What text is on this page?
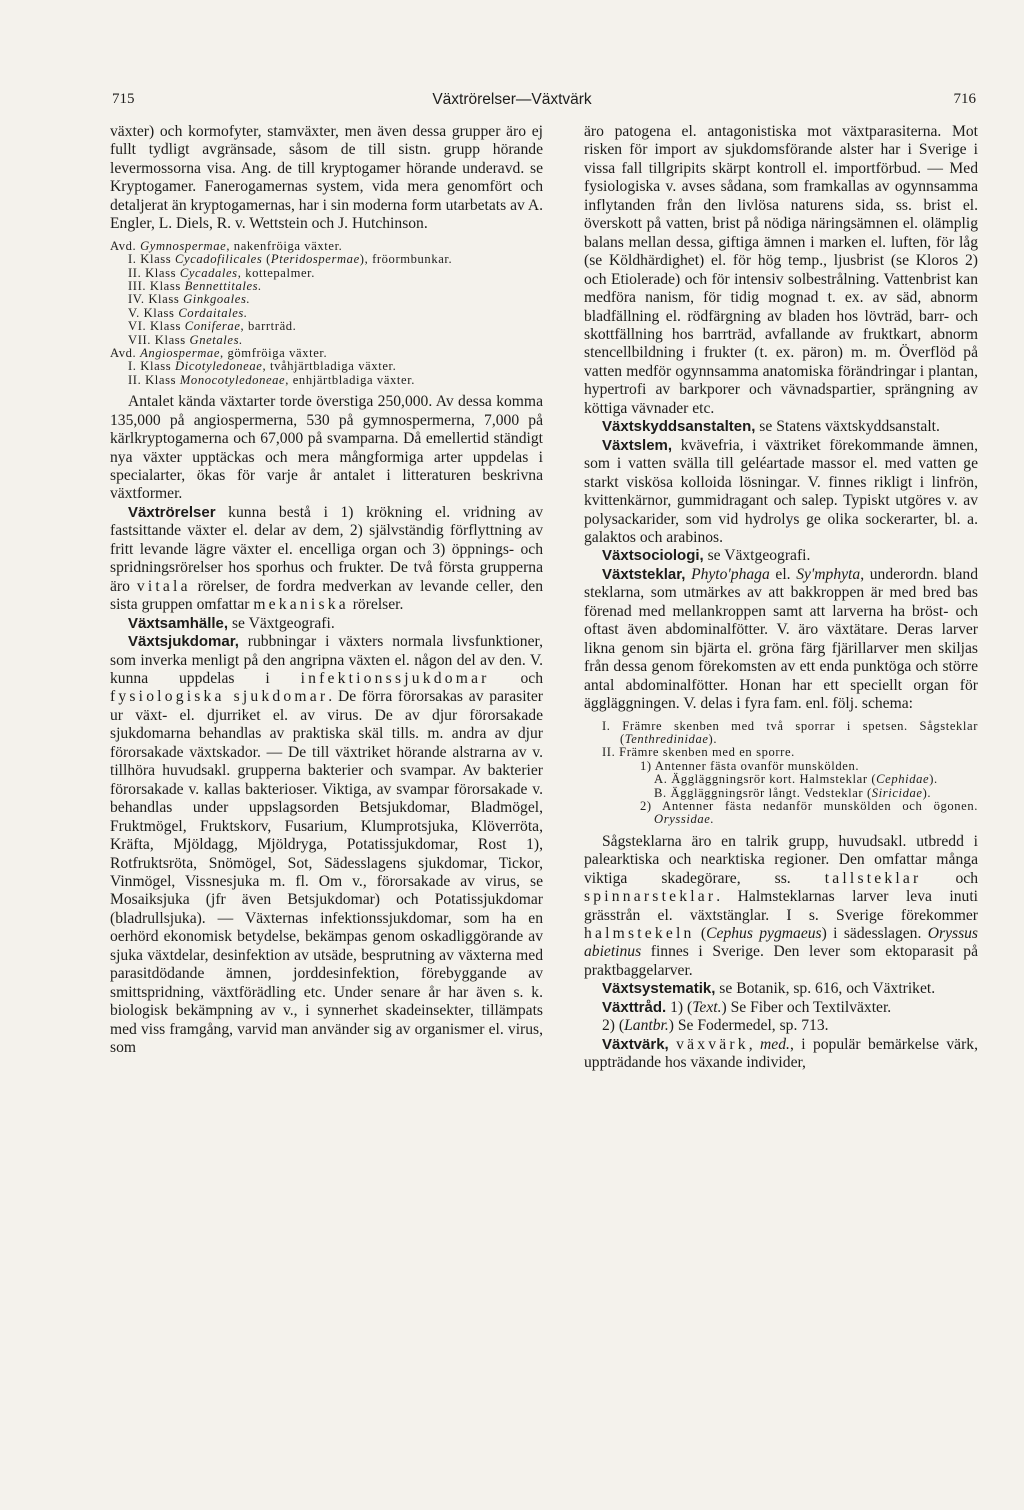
715	Växtrörelser—Växtvärk	716

växter) och kormofyter, stamväxter, men även dessa grupper äro ej fullt tydligt avgränsade, såsom de till sistn. grupp hörande levermossorna visa. Ang. de till kryptogamer hörande underavd. se Kryptogamer. Fanerogamernas system, vida mera genomfört och detaljerat än kryptogamernas, har i sin moderna form utarbetats av A. Engler, L. Diels, R. v. Wettstein och J. Hutchinson.

Avd. Gymnospermae, nakenfröiga växter.
I. Klass Cycadofilicales (Pteridospermae), fröormbunkar.
II. Klass Cycadales, kottepalmer.
III. Klass Bennettitales.
IV. Klass Ginkgoales.
V. Klass Cordaitales.
VI. Klass Coniferae, barrträd.
VII. Klass Gnetales.
Avd. Angiospermae, gömfröiga växter.
I. Klass Dicotyledoneae, tvåhjärtbladiga växter.
II. Klass Monocotyledoneae, enhjärtbladiga växter.

Antalet kända växtarter torde överstiga 250,000. Av dessa komma 135,000 på angiospermerna, 530 på gymnospermerna, 7,000 på kärlkryptogamerna och 67,000 på svamparna. Då emellertid ständigt nya växter upptäckas och mera mångformiga arter uppdelas i specialarter, ökas för varje år antalet i litteraturen beskrivna växtformer.

Växtrörelser kunna bestå i 1) krökning el. vridning av fastsittande växter el. delar av dem, 2) självständig förflyttning av fritt levande lägre växter el. encelliga organ och 3) öppnings- och spridningsrörelser hos sporhus och frukter. De två första grupperna äro vitala rörelser, de fordra medverkan av levande celler, den sista gruppen omfattar mekaniska rörelser.

Växtsamhälle, se Växtgeografi.

Växtsjukdomar, rubbningar i växters normala livsfunktioner, som inverka menligt på den angripna växten el. någon del av den. V. kunna uppdelas i infektionssjukdomar och fysiologiska sjukdomar. De förra förorsakas av parasiter ur växt- el. djurriket el. av virus. De av djur förorsakade sjukdomarna behandlas av praktiska skäl tills. m. andra av djur förorsakade växtskador. — De till växtriket hörande alstrarna av v. tillhöra huvudsakl. grupperna bakterier och svampar. Av bakterier förorsakade v. kallas bakterioser. Viktiga, av svampar förorsakade v. behandlas under uppslagsorden Betsjukdomar, Bladmögel, Fruktmögel, Fruktskorv, Fusarium, Klumprotsjuka, Klöverröta, Kräfta, Mjöldagg, Mjöldryga, Potatissjukdomar, Rost 1), Rotfruktsröta, Snömögel, Sot, Sädesslagens sjukdomar, Tickor, Vinmögel, Vissnesjuka m. fl. Om v., förorsakade av virus, se Mosaiksjuka (jfr även Betsjukdomar) och Potatissjukdomar (bladrullsjuka). — Växternas infektionssjukdomar, som ha en oerhörd ekonomisk betydelse, bekämpas genom oskadliggörande av sjuka växtdelar, desinfektion av utsäde, besprutning av växterna med parasitdödande ämnen, jorddesinfektion, förebyggande av smittspridning, växtförädling etc. Under senare år har även s. k. biologisk bekämpning av v., i synnerhet skadeinsekter, tillämpats med viss framgång, varvid man använder sig av organismer el. virus, som

äro patogena el. antagonistiska mot växtparasiterna. Mot risken för import av sjukdomsförande alster har i Sverige i vissa fall tillgripits skärpt kontroll el. importförbud. — Med fysiologiska v. avses sådana, som framkallas av ogynnsamma inflytanden från den livlösa naturens sida, ss. brist el. överskott på vatten, brist på nödiga näringsämnen el. olämplig balans mellan dessa, giftiga ämnen i marken el. luften, för låg (se Köldhärdighet) el. för hög temp., ljusbrist (se Kloros 2) och Etiolerade) och för intensiv solbestrålning. Vattenbrist kan medföra nanism, för tidig mognad t. ex. av säd, abnorm bladfällning el. rödfärgning av bladen hos lövträd, barr- och skottfällning hos barrträd, avfallande av fruktkart, abnorm stencellbildning i frukter (t. ex. päron) m. m. Överflöd på vatten medför ogynnsamma anatomiska förändringar i plantan, hypertrofi av barkporer och vävnadspartier, sprängning av köttiga vävnader etc.

Växtskyddsanstalten, se Statens växtskyddsanstalt.

Växtslem, kvävefria, i växtriket förekommande ämnen, som i vatten svälla till geléartade massor el. med vatten ge starkt viskösa kolloida lösningar. V. finnes rikligt i linfrön, kvittenkärnor, gummidragant och salep. Typiskt utgöres v. av polysackarider, som vid hydrolys ge olika sockerarter, bl. a. galaktos och arabinos.

Växtsociologi, se Växtgeografi.

Växtsteklar, Phyto'phaga el. Sy'mphyta, underordn. bland steklarna, som utmärkes av att bakkroppen är med bred bas förenad med mellankroppen samt att larverna ha bröst- och oftast även abdominalfötter. V. äro växtätare. Deras larver likna genom sin bjärta el. gröna färg fjärillarver men skiljas från dessa genom förekomsten av ett enda punktöga och större antal abdominalfötter. Honan har ett speciellt organ för äggläggningen. V. delas i fyra fam. enl. följ. schema:

I. Främre skenben med två sporrar i spetsen. Sågsteklar (Tenthredinidae).
II. Främre skenben med en sporre.
1) Antenner fästa ovanför munskölden.
A. Äggläggningsrör kort. Halmsteklar (Cephidae).
B. Äggläggningsrör långt. Vedsteklar (Siricidae).
2) Antenner fästa nedanför munskölden och ögonen. Oryssidae.

Sågsteklarna äro en talrik grupp, huvudsakl. utbredd i palearktiska och nearktiska regioner. Den omfattar många viktiga skadegörare, ss. tallsteklar och spinnarsteklar. Halmsteklarnas larver leva inuti grässtrån el. växtstänglar. I s. Sverige förekommer halmstekeln (Cephus pygmaeus) i sädesslagen. Oryssus abietinus finnes i Sverige. Den lever som ektoparasit på praktbaggelarver.

Växtsystematik, se Botanik, sp. 616, och Växtriket.

Växttråd. 1) (Text.) Se Fiber och Textilväxter.

2) (Lantbr.) Se Fodermedel, sp. 713.

Växtvärk, växvärk, med., i populär bemärkelse värk, uppträdande hos växande individer,
